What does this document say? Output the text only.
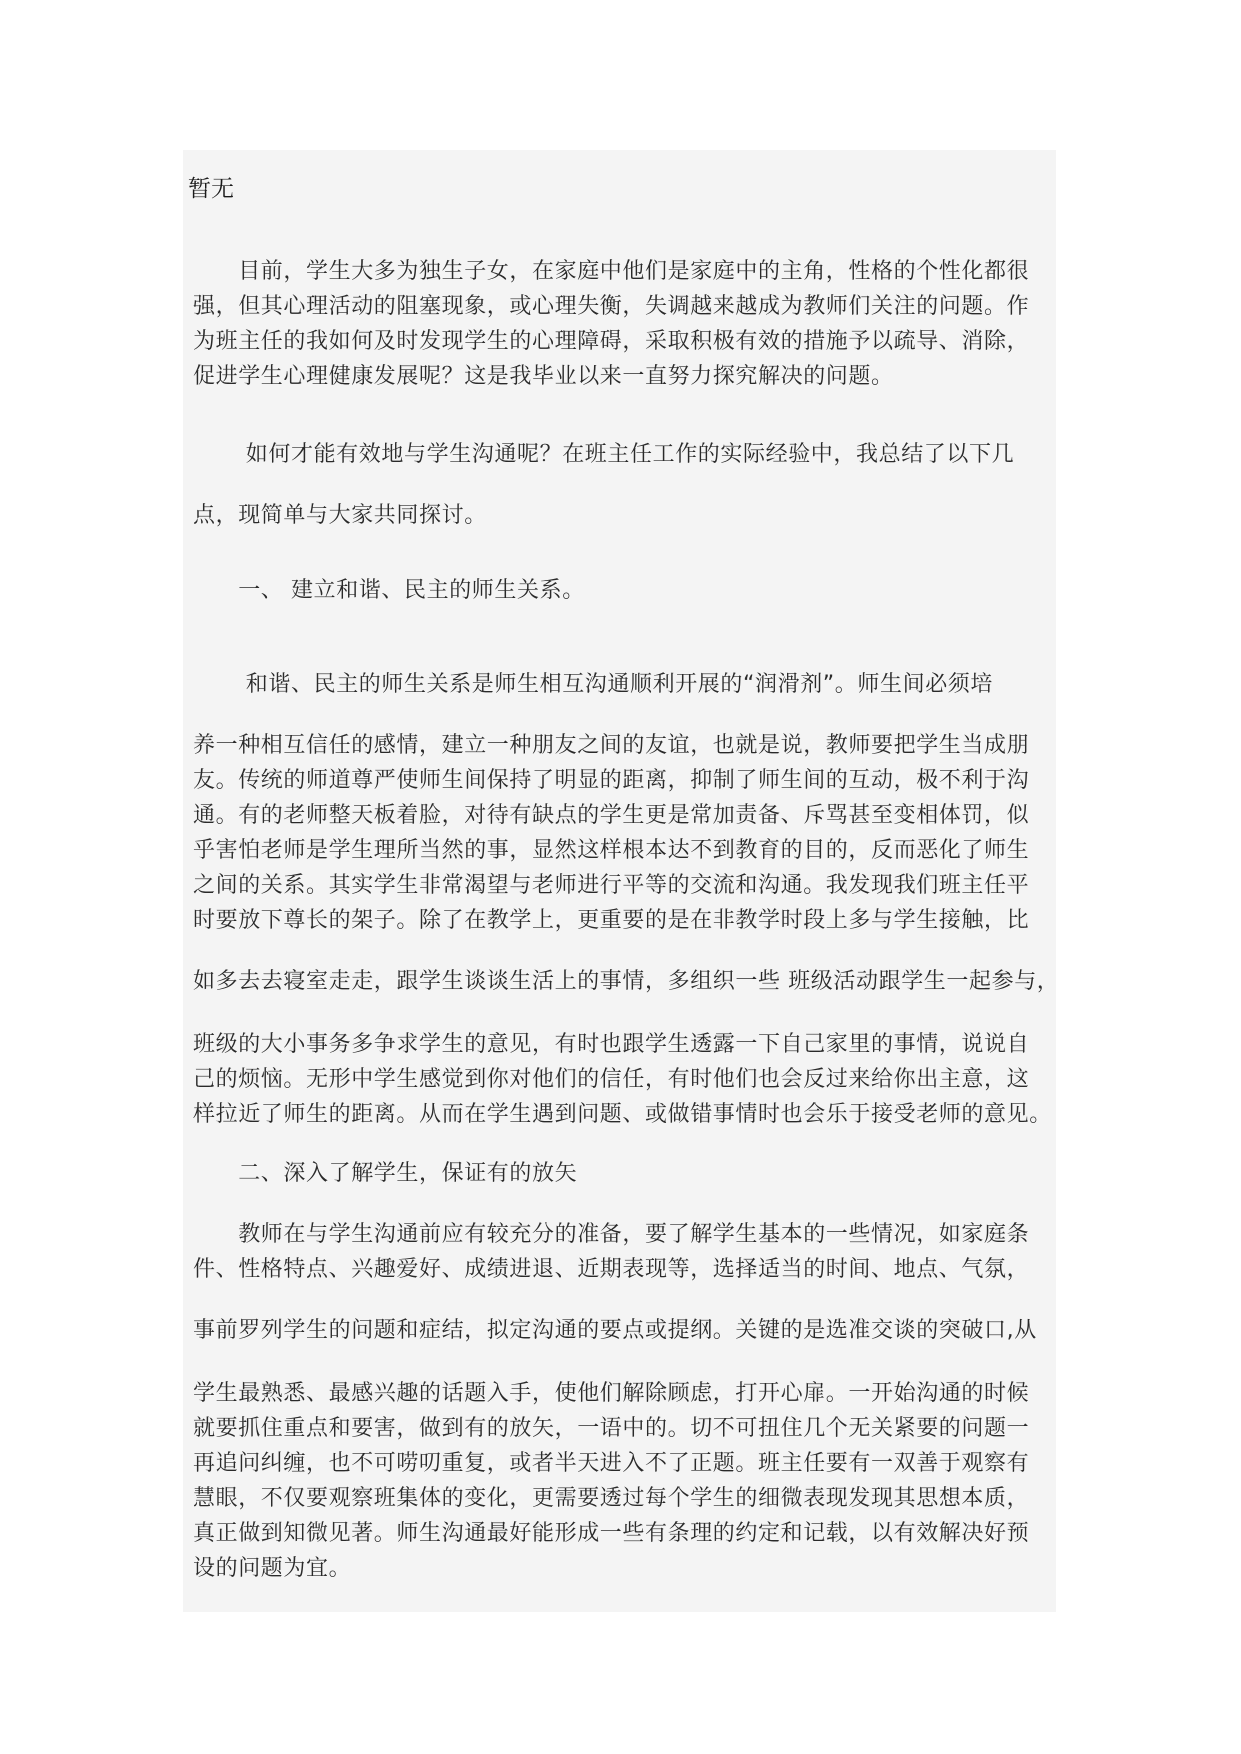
暂无

　　目前，学生大多为独生子女，在家庭中他们是家庭中的主角，性格的个性化都很

强，但其心理活动的阻塞现象，或心理失衡，失调越来越成为教师们关注的问题。作

为班主任的我如何及时发现学生的心理障碍，采取积极有效的措施予以疏导、消除，

促进学生心理健康发展呢？这是我毕业以来一直努力探究解决的问题。

　　 如何才能有效地与学生沟通呢？在班主任工作的实际经验中，我总结了以下几

点，现简单与大家共同探讨。

　　一、 建立和谐、民主的师生关系。

　　 和谐、民主的师生关系是师生相互沟通顺利开展的“润滑剂”。师生间必须培

养一种相互信任的感情，建立一种朋友之间的友谊，也就是说，教师要把学生当成朋

友。传统的师道尊严使师生间保持了明显的距离，抑制了师生间的互动，极不利于沟

通。有的老师整天板着脸，对待有缺点的学生更是常加责备、斥骂甚至变相体罚，似

乎害怕老师是学生理所当然的事，显然这样根本达不到教育的目的，反而恶化了师生

之间的关系。其实学生非常渴望与老师进行平等的交流和沟通。我发现我们班主任平

时要放下尊长的架子。除了在教学上，更重要的是在非教学时段上多与学生接触，比

如多去去寝室走走，跟学生谈谈生活上的事情，多组织一些 班级活动跟学生一起参与，

班级的大小事务多争求学生的意见，有时也跟学生透露一下自己家里的事情，说说自

己的烦恼。无形中学生感觉到你对他们的信任，有时他们也会反过来给你出主意，这

样拉近了师生的距离。从而在学生遇到问题、或做错事情时也会乐于接受老师的意见。

　　二、深入了解学生，保证有的放矢

　　教师在与学生沟通前应有较充分的准备，要了解学生基本的一些情况，如家庭条

件、性格特点、兴趣爱好、成绩进退、近期表现等，选择适当的时间、地点、气氛，

事前罗列学生的问题和症结，拟定沟通的要点或提纲。关键的是选准交谈的突破口,从

学生最熟悉、最感兴趣的话题入手，使他们解除顾虑，打开心扉。一开始沟通的时候

就要抓住重点和要害，做到有的放矢，一语中的。切不可扭住几个无关紧要的问题一

再追问纠缠，也不可唠叨重复，或者半天进入不了正题。班主任要有一双善于观察有

慧眼，不仅要观察班集体的变化，更需要透过每个学生的细微表现发现其思想本质，

真正做到知微见著。师生沟通最好能形成一些有条理的约定和记载，以有效解决好预

设的问题为宜。
